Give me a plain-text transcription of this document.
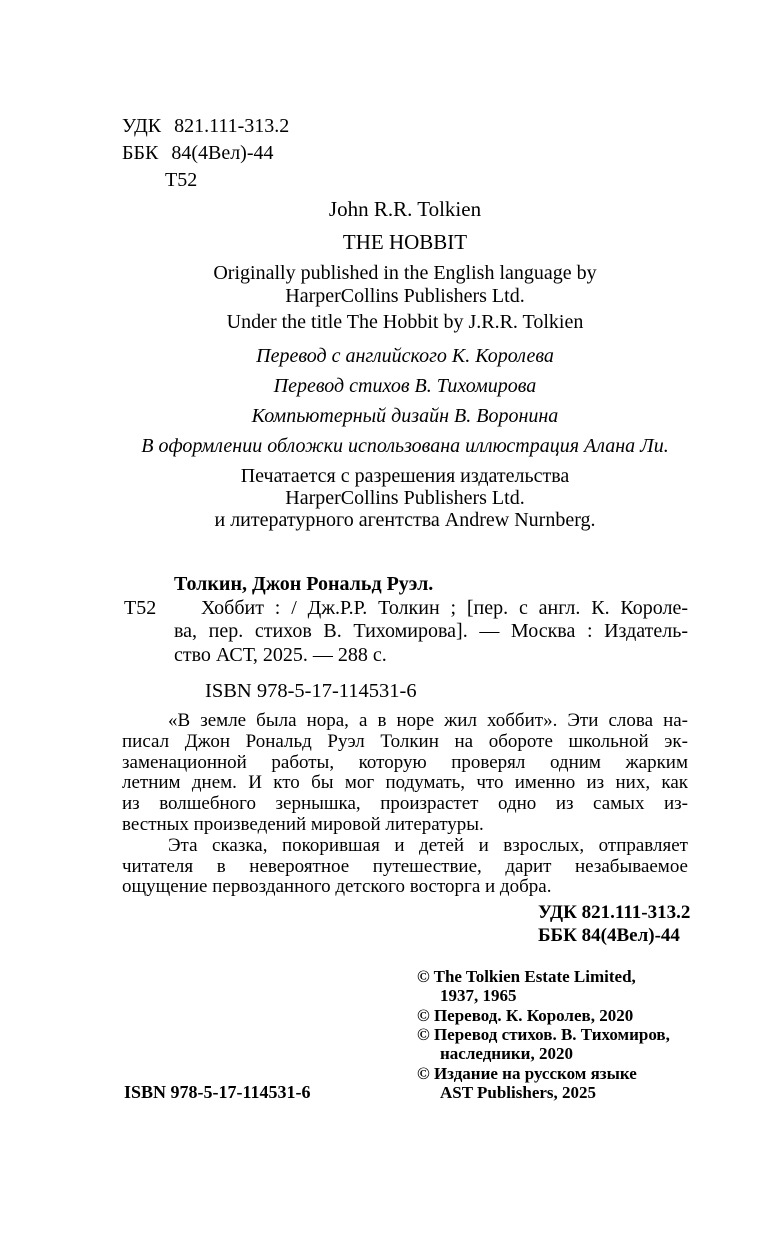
УДК 821.111-313.2
ББК 84(4Вел)-44
Т52
John R.R. Tolkien
THE HOBBIT
Originally published in the English language by
HarperCollins Publishers Ltd.
Under the title The Hobbit by J.R.R. Tolkien
Перевод с английского К. Королева
Перевод стихов В. Тихомирова
Компьютерный дизайн В. Воронина
В оформлении обложки использована иллюстрация Алана Ли.
Печатается с разрешения издательства
HarperCollins Publishers Ltd.
и литературного агентства Andrew Nurnberg.
Толкин, Джон Рональд Руэл.
Т52	Хоббит : / Дж.Р.Р. Толкин ; [пер. с англ. К. Короле-
ва, пер. стихов В. Тихомирова]. — Москва : Издатель-
ство АСТ, 2025. — 288 с.
ISBN 978-5-17-114531-6
«В земле была нора, а в норе жил хоббит». Эти слова на-
писал Джон Рональд Руэл Толкин на обороте школьной эк-
заменационной работы, которую проверял одним жарким
летним днем. И кто бы мог подумать, что именно из них, как
из волшебного зернышка, произрастет одно из самых из-
вестных произведений мировой литературы.
Эта сказка, покорившая и детей и взрослых, отправляет
читателя в невероятное путешествие, дарит незабываемое
ощущение первозданного детского восторга и добра.
УДК 821.111-313.2
ББК 84(4Вел)-44
© The Tolkien Estate Limited,
1937, 1965
© Перевод. К. Королев, 2020
© Перевод стихов. В. Тихомиров,
наследники, 2020
© Издание на русском языке
AST Publishers, 2025
ISBN 978-5-17-114531-6
